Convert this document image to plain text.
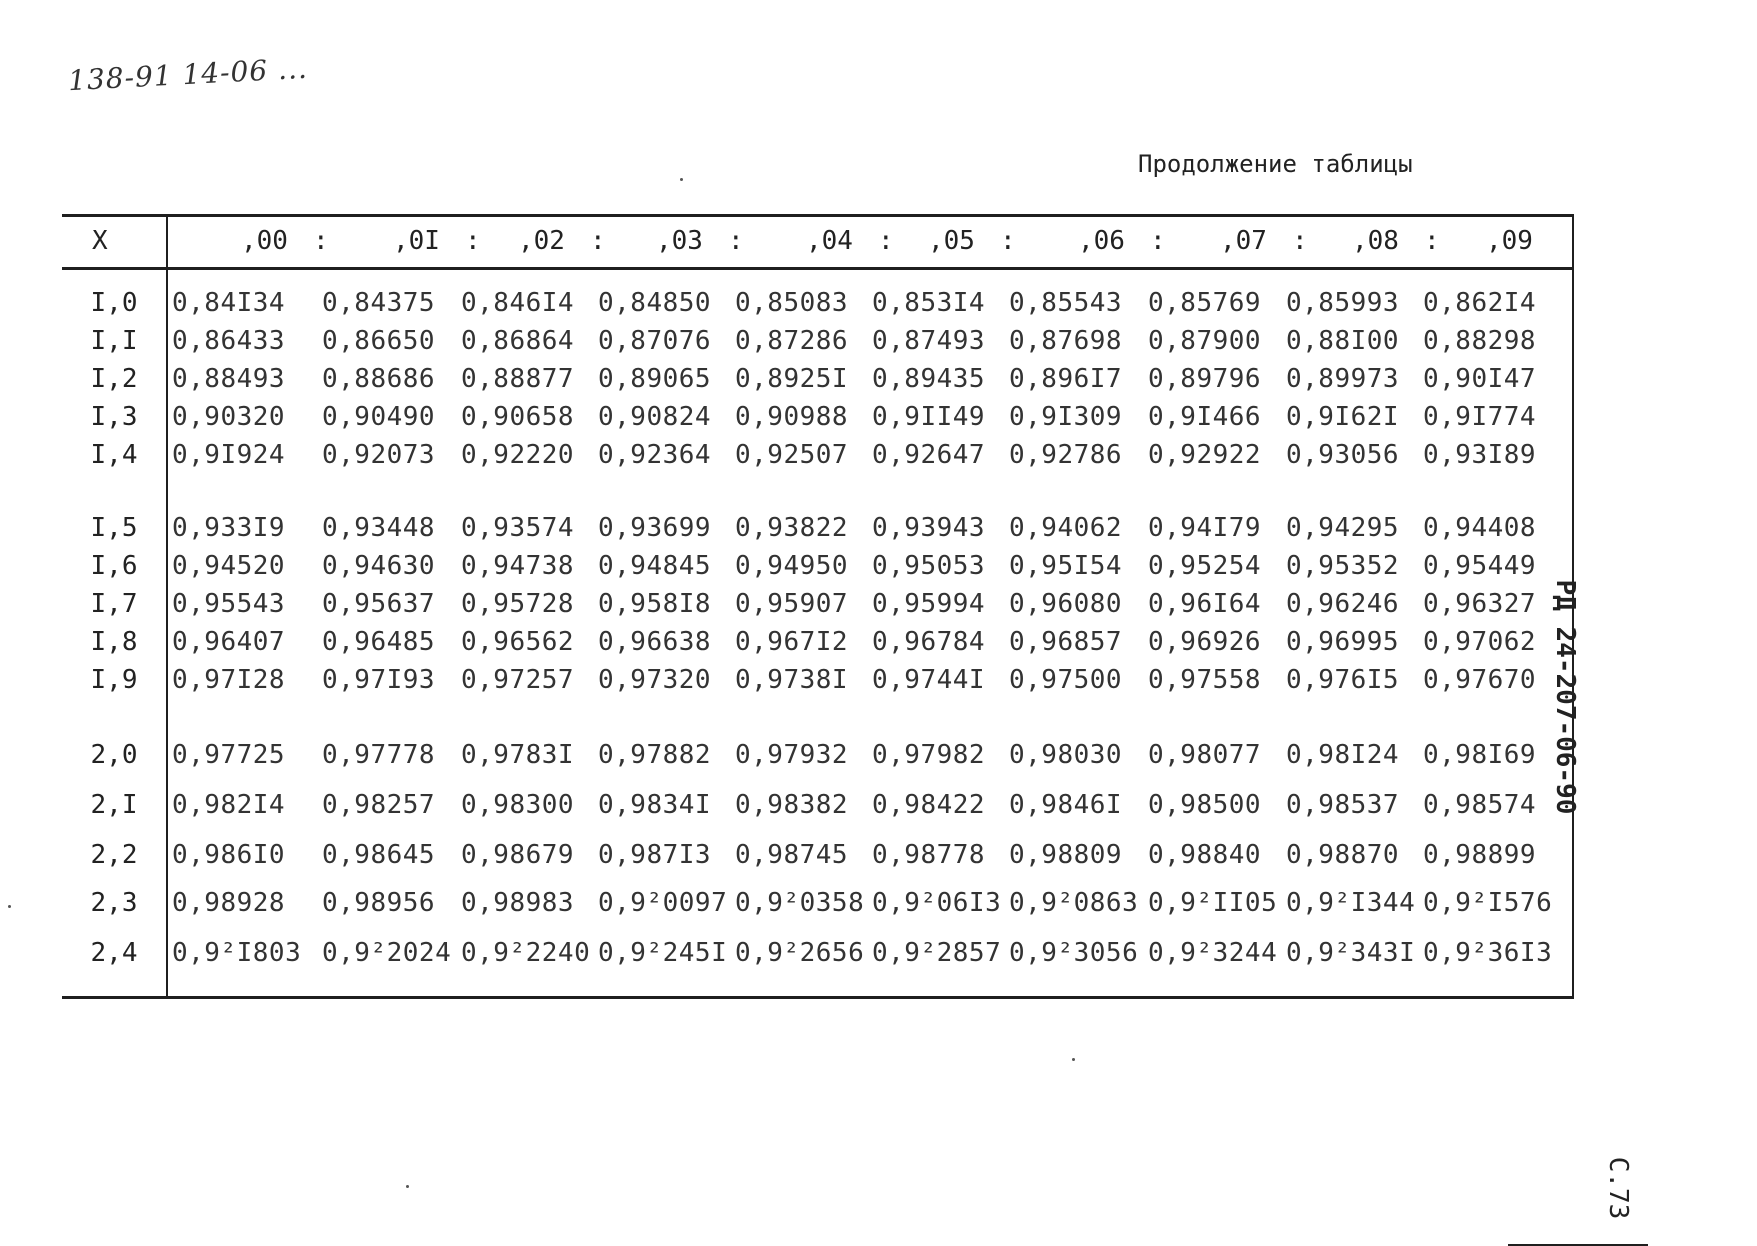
138-91 14-06 ...
Продолжение таблицы
X	,00 : ,0I : ,02 : ,03 : ,04 : ,05 : ,06 : ,07 : ,08 : ,09
I,0	0,84I34 0,84375 0,846I4 0,84850 0,85083 0,853I4 0,85543 0,85769 0,85993 0,862I4
I,I	0,86433 0,86650 0,86864 0,87076 0,87286 0,87493 0,87698 0,87900 0,88I00 0,88298
I,2	0,88493 0,88686 0,88877 0,89065 0,8925I 0,89435 0,896I7 0,89796 0,89973 0,90I47
I,3	0,90320 0,90490 0,90658 0,90824 0,90988 0,9II49 0,9I309 0,9I466 0,9I62I 0,9I774
I,4	0,9I924 0,92073 0,92220 0,92364 0,92507 0,92647 0,92786 0,92922 0,93056 0,93I89
I,5	0,933I9 0,93448 0,93574 0,93699 0,93822 0,93943 0,94062 0,94I79 0,94295 0,94408
I,6	0,94520 0,94630 0,94738 0,94845 0,94950 0,95053 0,95I54 0,95254 0,95352 0,95449
I,7	0,95543 0,95637 0,95728 0,958I8 0,95907 0,95994 0,96080 0,96I64 0,96246 0,96327
I,8	0,96407 0,96485 0,96562 0,96638 0,967I2 0,96784 0,96857 0,96926 0,96995 0,97062
I,9	0,97I28 0,97I93 0,97257 0,97320 0,9738I 0,9744I 0,97500 0,97558 0,976I5 0,97670
2,0	0,97725 0,97778 0,9783I 0,97882 0,97932 0,97982 0,98030 0,98077 0,98I24 0,98I69
2,I	0,982I4 0,98257 0,98300 0,9834I 0,98382 0,98422 0,9846I 0,98500 0,98537 0,98574
2,2	0,986I0 0,98645 0,98679 0,987I3 0,98745 0,98778 0,98809 0,98840 0,98870 0,98899
2,3	0,98928 0,98956 0,98983 0,9²0097 0,9²0358 0,9²06I3 0,9²0863 0,9²II05 0,9²I344 0,9²I576
2,4	0,9²I803 0,9²2024 0,9²2240 0,9²245I 0,9²2656 0,9²2857 0,9²3056 0,9²3244 0,9²343I 0,9²36I3
РД 24-207-06-90
С.73
